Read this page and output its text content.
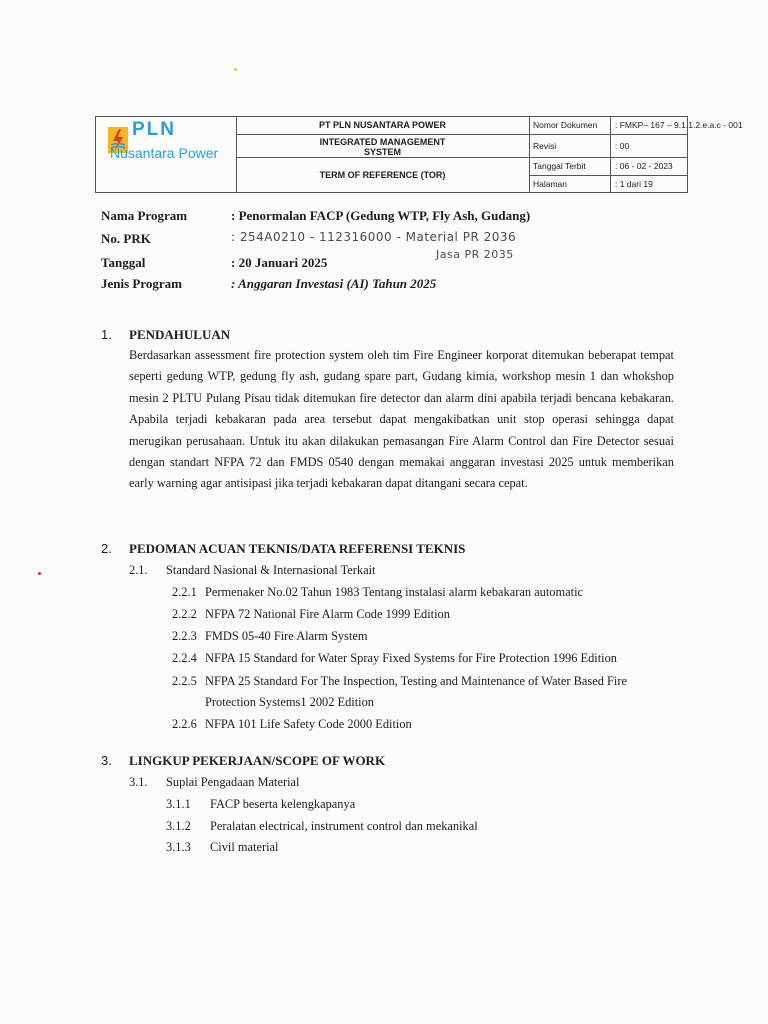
PLN
Nusantara Power
PT PLN NUSANTARA POWER
INTEGRATED MANAGEMENT
SYSTEM
TERM OF REFERENCE (TOR)
Nomor Dokumen	: FMKP– 167 – 9.1.1.2.e.a.c - 001
Revisi	: 00
Tanggal Terbit	: 06 - 02 - 2023
Halaman	: 1 dari 19
Nama Program	: Penormalan FACP (Gedung WTP, Fly Ash, Gudang)
No. PRK	: 254A0210 - 112316000 - Material PR 2036
Jasa PR 2035
Tanggal	: 20 Januari 2025
Jenis Program	: Anggaran Investasi (AI) Tahun 2025
1. PENDAHULUAN
Berdasarkan assessment fire protection system oleh tim Fire Engineer korporat ditemukan beberapat tempat seperti gedung WTP, gedung fly ash, gudang spare part, Gudang kimia, workshop mesin 1 dan whokshop mesin 2 PLTU Pulang Pisau tidak ditemukan fire detector dan alarm dini apabila terjadi bencana kebakaran. Apabila terjadi kebakaran pada area tersebut dapat mengakibatkan unit stop operasi sehingga dapat merugikan perusahaan. Untuk itu akan dilakukan pemasangan Fire Alarm Control dan Fire Detector sesuai dengan standart NFPA 72 dan FMDS 0540 dengan memakai anggaran investasi 2025 untuk memberikan early warning agar antisipasi jika terjadi kebakaran dapat ditangani secara cepat.
2. PEDOMAN ACUAN TEKNIS/DATA REFERENSI TEKNIS
2.1. Standard Nasional & Internasional Terkait
2.2.1 Permenaker No.02 Tahun 1983 Tentang instalasi alarm kebakaran automatic
2.2.2 NFPA 72 National Fire Alarm Code 1999 Edition
2.2.3 FMDS 05-40 Fire Alarm System
2.2.4 NFPA 15 Standard for Water Spray Fixed Systems for Fire Protection 1996 Edition
2.2.5 NFPA 25 Standard For The Inspection, Testing and Maintenance of Water Based Fire
Protection Systems1 2002 Edition
2.2.6 NFPA 101 Life Safety Code 2000 Edition
3. LINGKUP PEKERJAAN/SCOPE OF WORK
3.1. Suplai Pengadaan Material
3.1.1 FACP beserta kelengkapanya
3.1.2 Peralatan electrical, instrument control dan mekanikal
3.1.3 Civil material
